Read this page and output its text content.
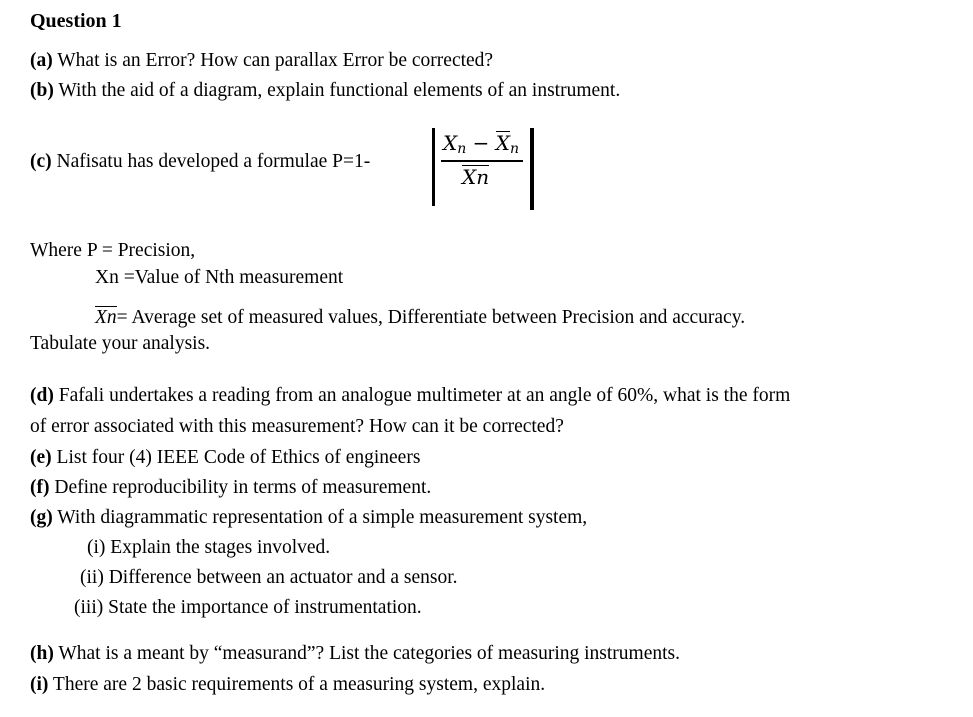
Question 1
(a) What is an Error? How can parallax Error be corrected?
(b) With the aid of a diagram, explain functional elements of an instrument.
(c) Nafisatu has developed a formulae P=1-
$X_n - X_n$
Xn
Where P = Precision,
Xn =Value of Nth measurement
Xn= Average set of measured values, Differentiate between Precision and accuracy.
Tabulate your analysis.
(d) Fafali undertakes a reading from an analogue multimeter at an angle of 60%, what is the form
of error associated with this measurement? How can it be corrected?
(e) List four (4) IEEE Code of Ethics of engineers
(f) Define reproducibility in terms of measurement.
(g) With diagrammatic representation of a simple measurement system,
(i) Explain the stages involved.
(ii) Difference between an actuator and a sensor.
(iii) State the importance of instrumentation.
(h) What is a meant by “measurand”? List the categories of measuring instruments.
(i) There are 2 basic requirements of a measuring system, explain.
